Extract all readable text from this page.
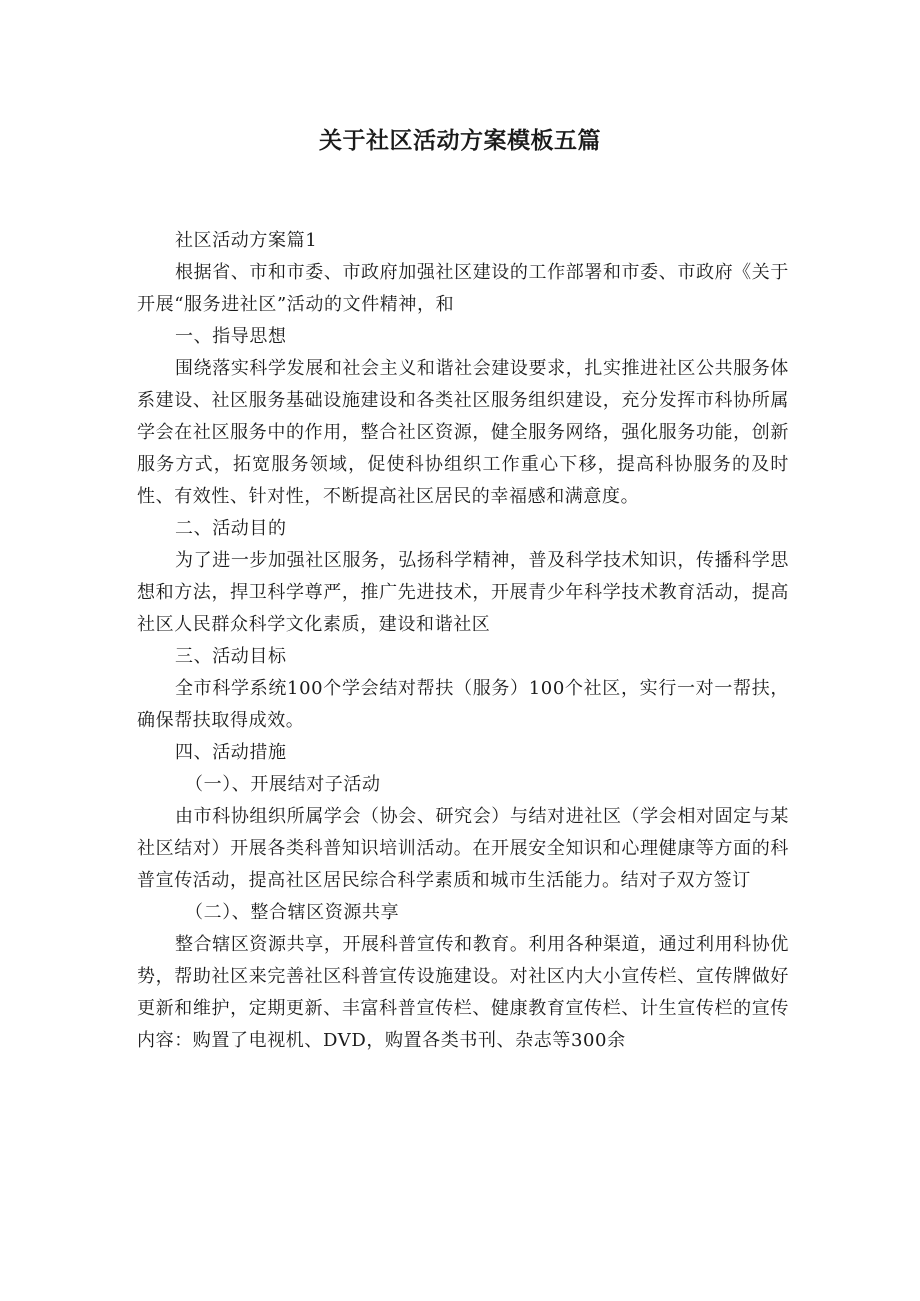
关于社区活动方案模板五篇

社区活动方案篇1

根据省、市和市委、市政府加强社区建设的工作部署和市委、市政府《关于开展“服务进社区”活动的文件精神，和

一、指导思想

围绕落实科学发展和社会主义和谐社会建设要求，扎实推进社区公共服务体系建设、社区服务基础设施建设和各类社区服务组织建设，充分发挥市科协所属学会在社区服务中的作用，整合社区资源，健全服务网络，强化服务功能，创新服务方式，拓宽服务领域，促使科协组织工作重心下移，提高科协服务的及时性、有效性、针对性，不断提高社区居民的幸福感和满意度。

二、活动目的

为了进一步加强社区服务，弘扬科学精神，普及科学技术知识，传播科学思想和方法，捍卫科学尊严，推广先进技术，开展青少年科学技术教育活动，提高社区人民群众科学文化素质，建设和谐社区

三、活动目标

全市科学系统100个学会结对帮扶（服务）100个社区，实行一对一帮扶，确保帮扶取得成效。

四、活动措施

（一）、开展结对子活动

由市科协组织所属学会（协会、研究会）与结对进社区（学会相对固定与某社区结对）开展各类科普知识培训活动。在开展安全知识和心理健康等方面的科普宣传活动，提高社区居民综合科学素质和城市生活能力。结对子双方签订

（二）、整合辖区资源共享

整合辖区资源共享，开展科普宣传和教育。利用各种渠道，通过利用科协优势，帮助社区来完善社区科普宣传设施建设。对社区内大小宣传栏、宣传牌做好更新和维护，定期更新、丰富科普宣传栏、健康教育宣传栏、计生宣传栏的宣传内容：购置了电视机、DVD，购置各类书刊、杂志等300余
